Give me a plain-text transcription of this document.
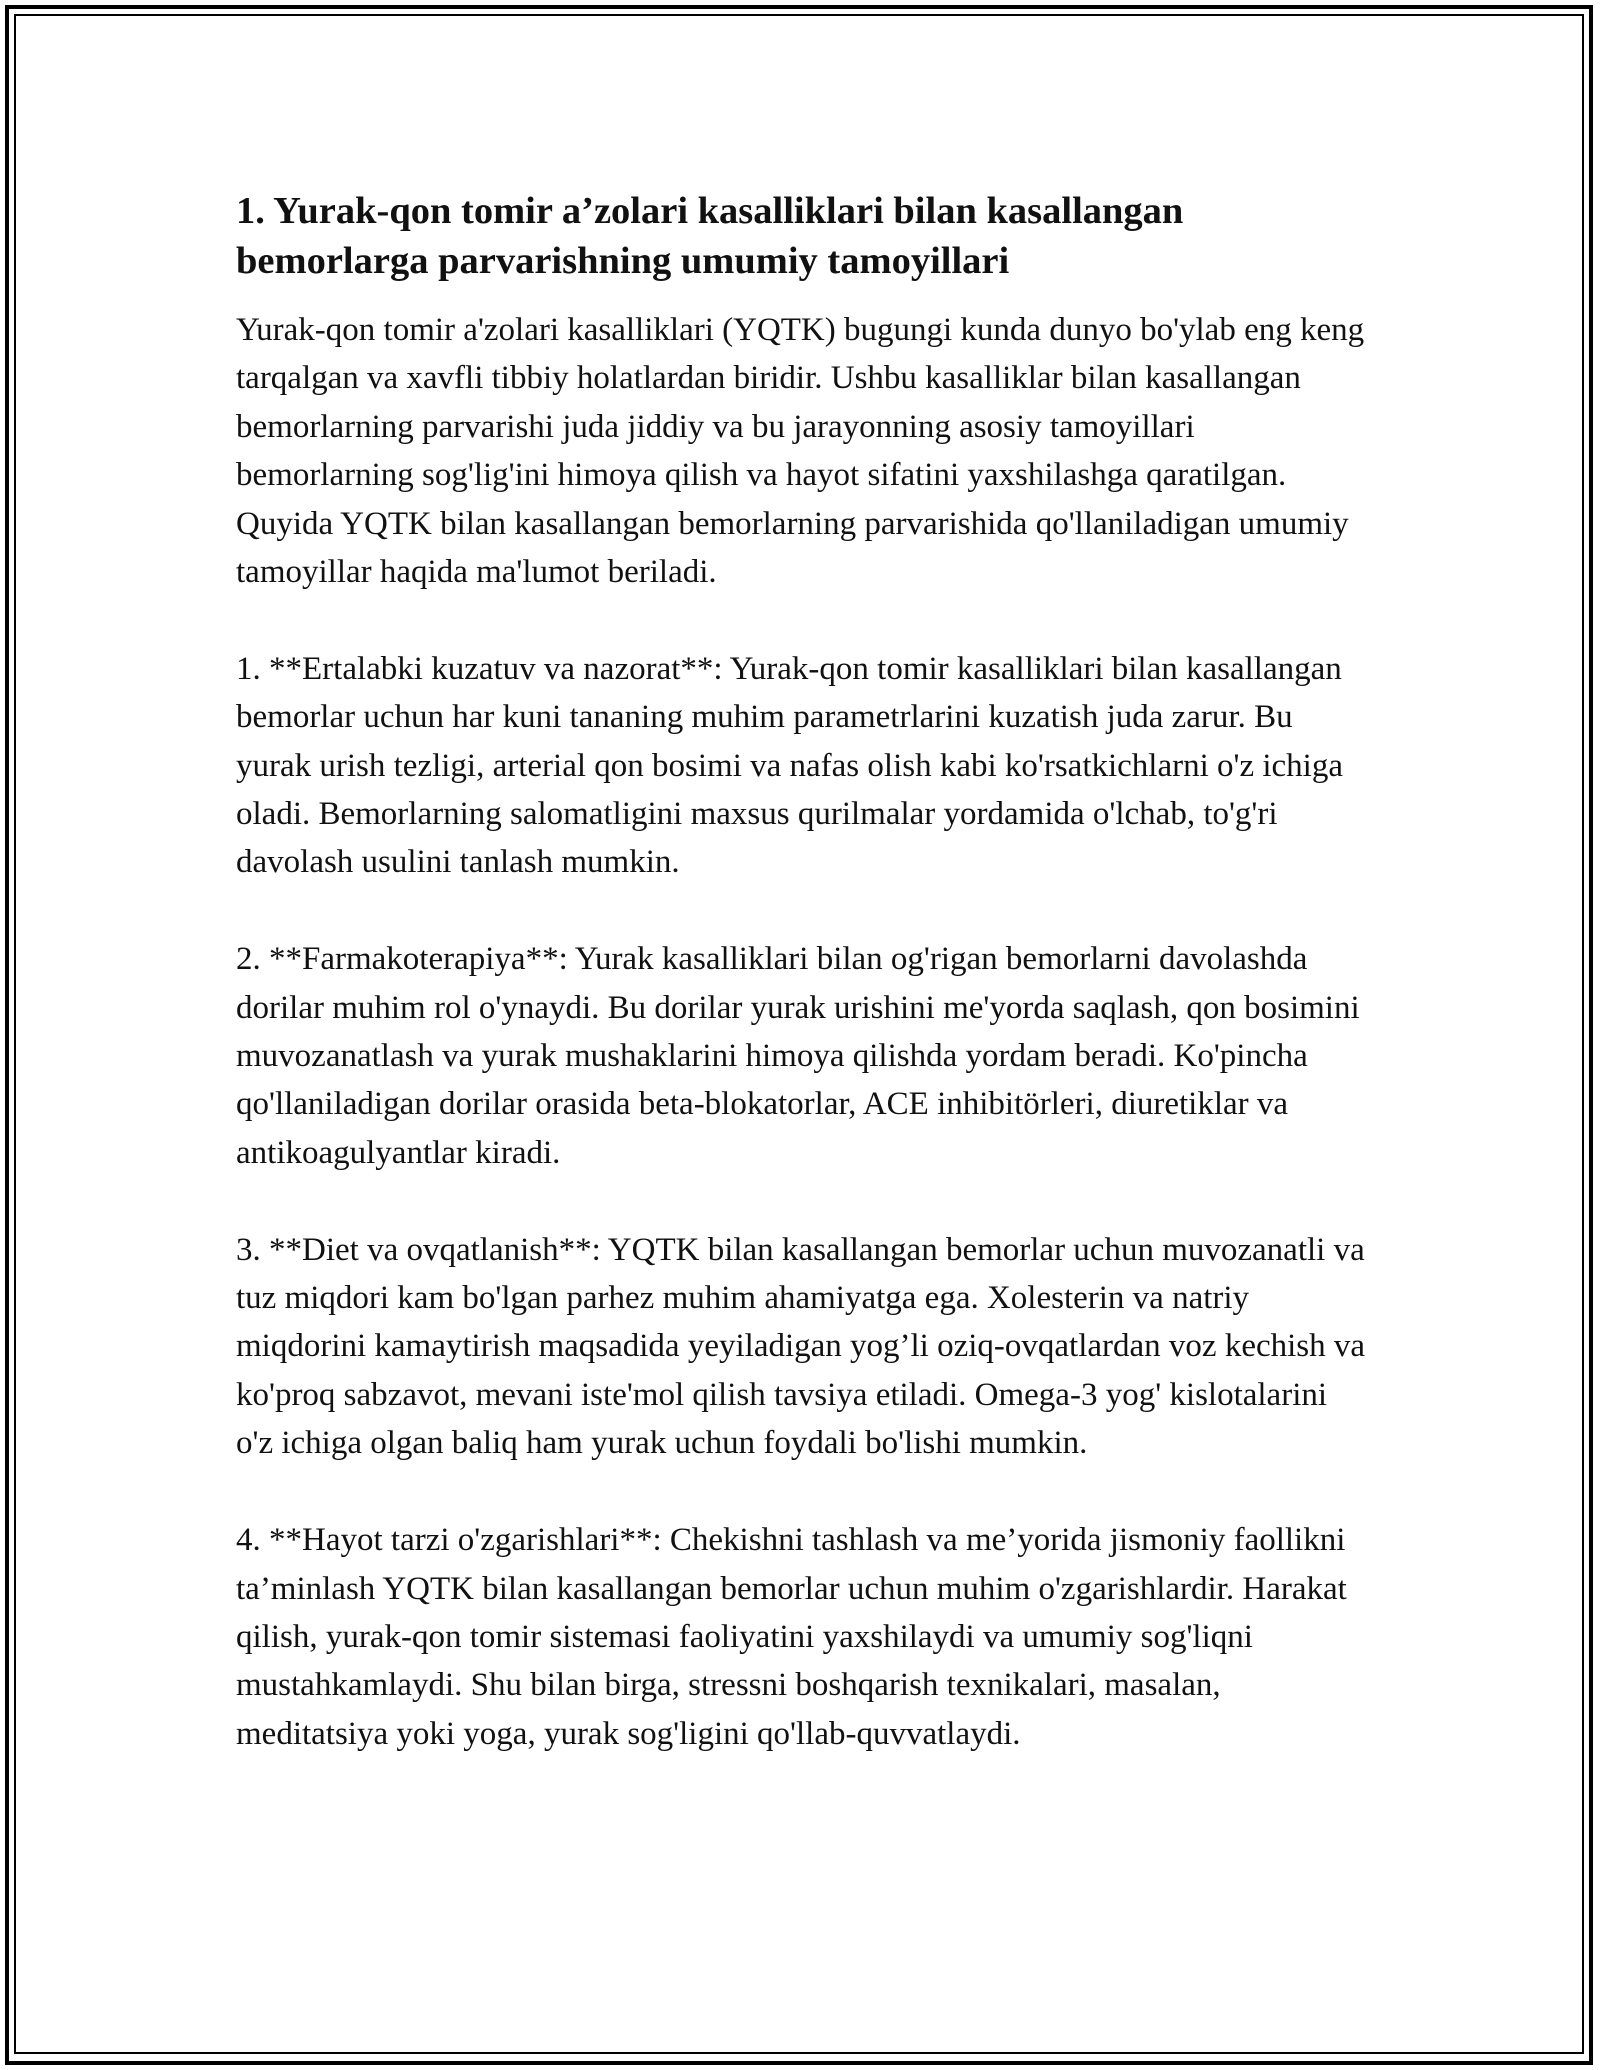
1. Yurak-qon tomir a’zolari kasalliklari bilan kasallangan bemorlarga parvarishning umumiy tamoyillari

Yurak-qon tomir a'zolari kasalliklari (YQTK) bugungi kunda dunyo bo'ylab eng keng tarqalgan va xavfli tibbiy holatlardan biridir. Ushbu kasalliklar bilan kasallangan bemorlarning parvarishi juda jiddiy va bu jarayonning asosiy tamoyillari bemorlarning sog'lig'ini himoya qilish va hayot sifatini yaxshilashga qaratilgan. Quyida YQTK bilan kasallangan bemorlarning parvarishida qo'llaniladigan umumiy tamoyillar haqida ma'lumot beriladi.

1. **Ertalabki kuzatuv va nazorat**: Yurak-qon tomir kasalliklari bilan kasallangan bemorlar uchun har kuni tananing muhim parametrlarini kuzatish juda zarur. Bu yurak urish tezligi, arterial qon bosimi va nafas olish kabi ko'rsatkichlarni o'z ichiga oladi. Bemorlarning salomatligini maxsus qurilmalar yordamida o'lchab, to'g'ri davolash usulini tanlash mumkin.

2. **Farmakoterapiya**: Yurak kasalliklari bilan og'rigan bemorlarni davolashda dorilar muhim rol o'ynaydi. Bu dorilar yurak urishini me'yorda saqlash, qon bosimini muvozanatlash va yurak mushaklarini himoya qilishda yordam beradi. Ko'pincha qo'llaniladigan dorilar orasida beta-blokatorlar, ACE inhibitörleri, diuretiklar va antikoagulyantlar kiradi.

3. **Diet va ovqatlanish**: YQTK bilan kasallangan bemorlar uchun muvozanatli va tuz miqdori kam bo'lgan parhez muhim ahamiyatga ega. Xolesterin va natriy miqdorini kamaytirish maqsadida yeyiladigan yog’li oziq-ovqatlardan voz kechish va ko'proq sabzavot, mevani iste'mol qilish tavsiya etiladi. Omega-3 yog' kislotalarini o'z ichiga olgan baliq ham yurak uchun foydali bo'lishi mumkin.

4. **Hayot tarzi o'zgarishlari**: Chekishni tashlash va me’yorida jismoniy faollikni ta’minlash YQTK bilan kasallangan bemorlar uchun muhim o'zgarishlardir. Harakat qilish, yurak-qon tomir sistemasi faoliyatini yaxshilaydi va umumiy sog'liqni mustahkamlaydi. Shu bilan birga, stressni boshqarish texnikalari, masalan, meditatsiya yoki yoga, yurak sog'ligini qo'llab-quvvatlaydi.
